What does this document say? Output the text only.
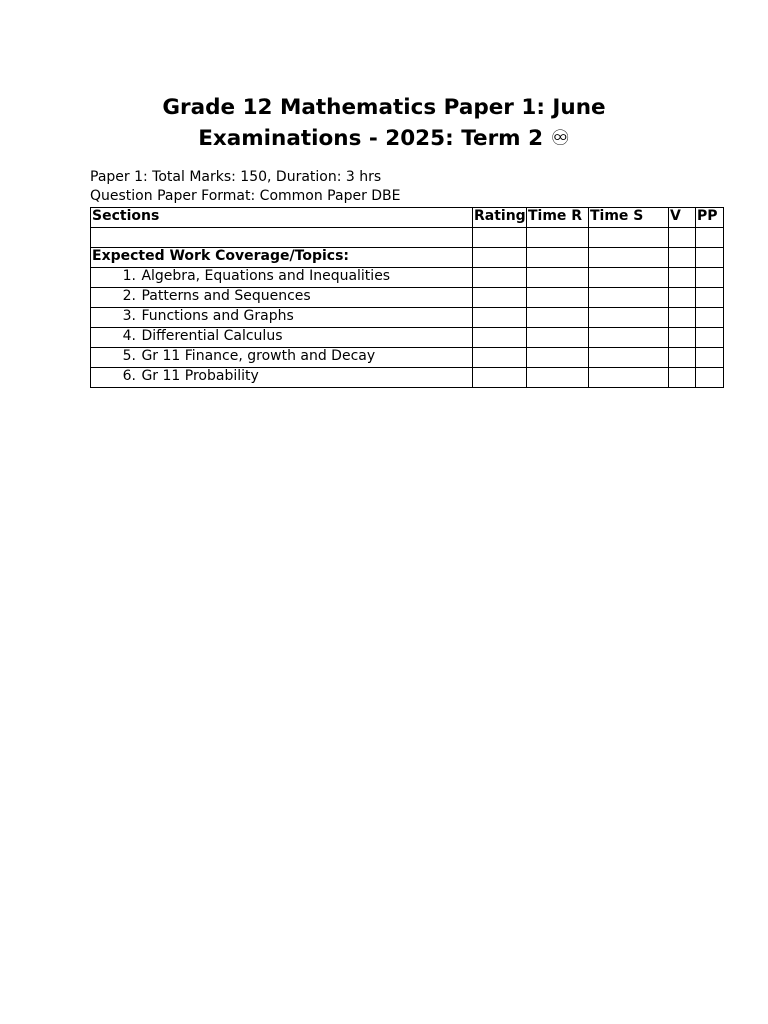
Grade 12 Mathematics Paper 1: June Examinations - 2025: Term 2 ♾
Paper 1: Total Marks: 150, Duration: 3 hrs
Question Paper Format: Common Paper DBE
Sections	Rating	Time R	Time S	V	PP

Expected Work Coverage/Topics:					
1. Algebra, Equations and Inequalities					
2. Patterns and Sequences					
3. Functions and Graphs					
4. Differential Calculus					
5. Gr 11 Finance, growth and Decay					
6. Gr 11 Probability					
